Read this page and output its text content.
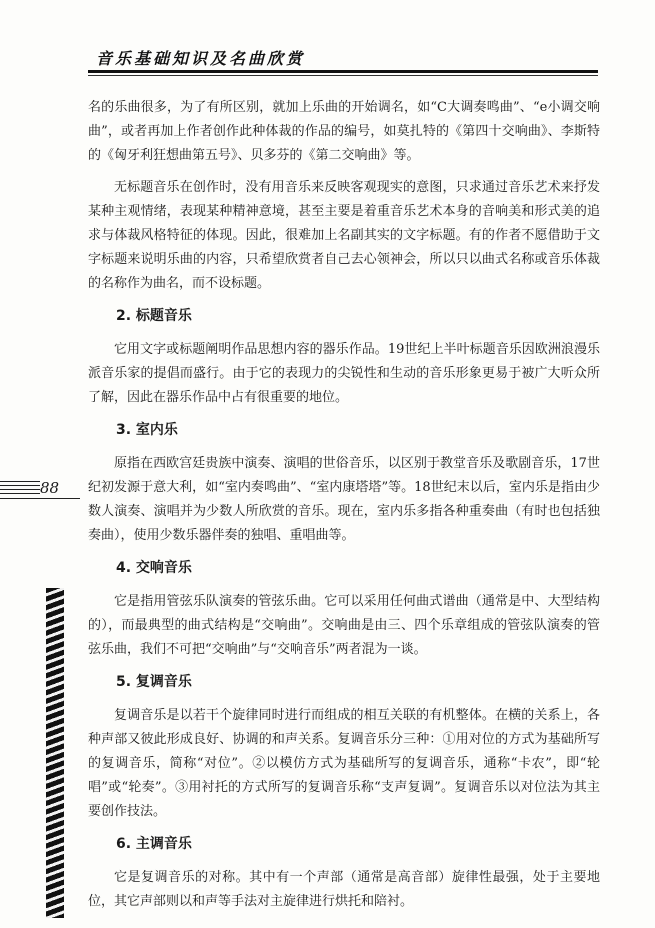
音乐基础知识及名曲欣赏

名的乐曲很多，为了有所区别，就加上乐曲的开始调名，如“C大调奏鸣曲”、“e小调交响曲”，或者再加上作者创作此种体裁的作品的编号，如莫扎特的《第四十交响曲》、李斯特的《匈牙利狂想曲第五号》、贝多芬的《第二交响曲》等。

无标题音乐在创作时，没有用音乐来反映客观现实的意图，只求通过音乐艺术来抒发某种主观情绪，表现某种精神意境，甚至主要是着重音乐艺术本身的音响美和形式美的追求与体裁风格特征的体现。因此，很难加上名副其实的文字标题。有的作者不愿借助于文字标题来说明乐曲的内容，只希望欣赏者自己去心领神会，所以只以曲式名称或音乐体裁的名称作为曲名，而不设标题。

2. 标题音乐

它用文字或标题阐明作品思想内容的器乐作品。19世纪上半叶标题音乐因欧洲浪漫乐派音乐家的提倡而盛行。由于它的表现力的尖锐性和生动的音乐形象更易于被广大听众所了解，因此在器乐作品中占有很重要的地位。

3. 室内乐

原指在西欧宫廷贵族中演奏、演唱的世俗音乐，以区别于教堂音乐及歌剧音乐，17世纪初发源于意大利，如“室内奏鸣曲”、“室内康塔塔”等。18世纪末以后，室内乐是指由少数人演奏、演唱并为少数人所欣赏的音乐。现在，室内乐多指各种重奏曲（有时也包括独奏曲），使用少数乐器伴奏的独唱、重唱曲等。

4. 交响音乐

它是指用管弦乐队演奏的管弦乐曲。它可以采用任何曲式谱曲（通常是中、大型结构的），而最典型的曲式结构是“交响曲”。交响曲是由三、四个乐章组成的管弦队演奏的管弦乐曲，我们不可把“交响曲”与“交响音乐”两者混为一谈。

5. 复调音乐

复调音乐是以若干个旋律同时进行而组成的相互关联的有机整体。在横的关系上，各种声部又彼此形成良好、协调的和声关系。复调音乐分三种：①用对位的方式为基础所写的复调音乐，简称“对位”。②以模仿方式为基础所写的复调音乐，通称“卡农”，即“轮唱”或“轮奏”。③用衬托的方式所写的复调音乐称“支声复调”。复调音乐以对位法为其主要创作技法。

6. 主调音乐

它是复调音乐的对称。其中有一个声部（通常是高音部）旋律性最强，处于主要地位，其它声部则以和声等手法对主旋律进行烘托和陪衬。

88
